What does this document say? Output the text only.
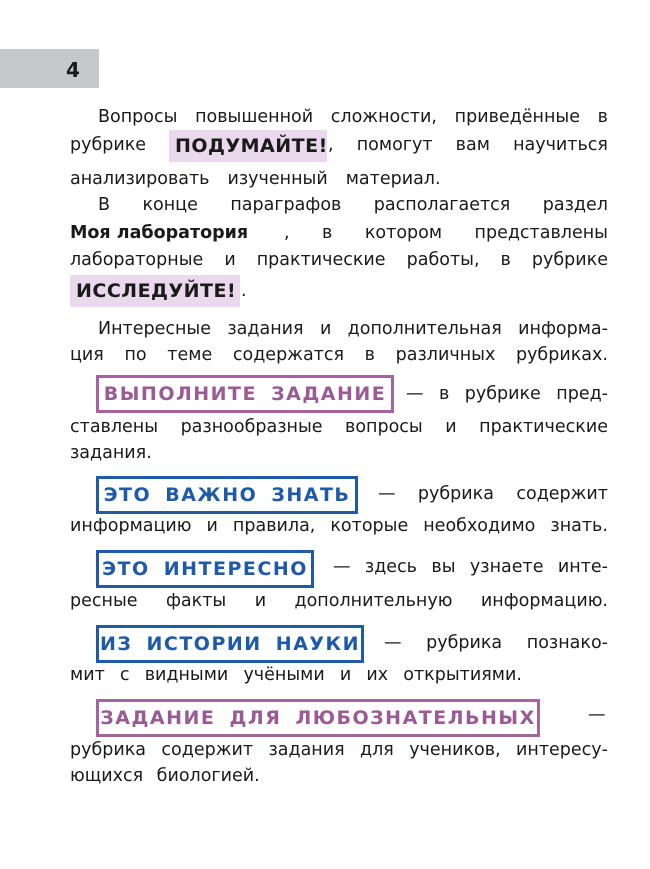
4
Вопросы повышенной сложности, приведённые в
рубрике	ПОДУМАЙТЕ! , помогут вам научиться
анализировать изученный материал.
В конце параграфов располагается раздел
Моя лаборатория , в котором представлены
лабораторные и практические работы, в рубрике
ИССЛЕДУЙТЕ! .
Интересные задания и дополнительная информа-
ция по теме содержатся в различных рубриках.
ВЫПОЛНИТЕ ЗАДАНИЕ	— в рубрике пред-
ставлены разнообразные вопросы и практические
задания.
ЭТО ВАЖНО ЗНАТЬ	— рубрика содержит
информацию и правила, которые необходимо знать.
ЭТО ИНТЕРЕСНО	— здесь вы узнаете инте-
ресные факты и дополнительную информацию.
ИЗ ИСТОРИИ НАУКИ — рубрика познако-
мит с видными учёными и их открытиями.
ЗАДАНИЕ ДЛЯ ЛЮБОЗНАТЕЛЬНЫХ	—
рубрика содержит задания для учеников, интересу-
ющихся биологией.
